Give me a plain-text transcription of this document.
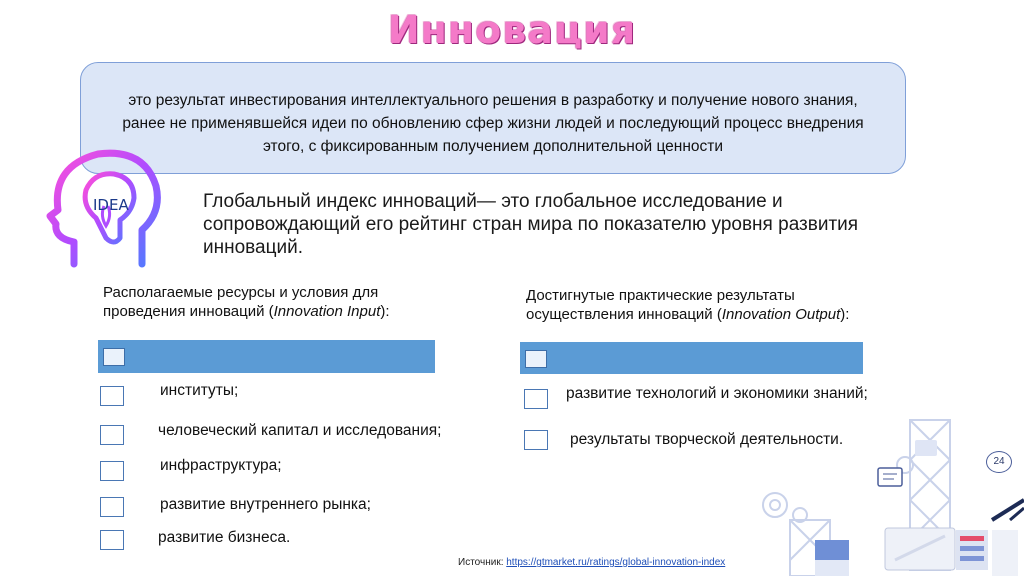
Инновация
это результат инвестирования интеллектуального решения в разработку и получение нового знания, ранее не применявшейся идеи по обновлению сфер жизни людей и последующий процесс внедрения этого, с фиксированным получением дополнительной ценности
IDEA	Глобальный индекс инноваций— это глобальное исследование и сопровождающий его рейтинг стран мира по показателю уровня развития инноваций.
Располагаемые ресурсы и условия для проведения инноваций (Innovation Input):
Достигнутые практические результаты осуществления инноваций (Innovation Output):
институты;
человеческий капитал и исследования;
инфраструктура;
развитие внутреннего рынка;
развитие бизнеса.
развитие технологий и экономики знаний;
результаты творческой деятельности.
24
Источник: https://gtmarket.ru/ratings/global-innovation-index
